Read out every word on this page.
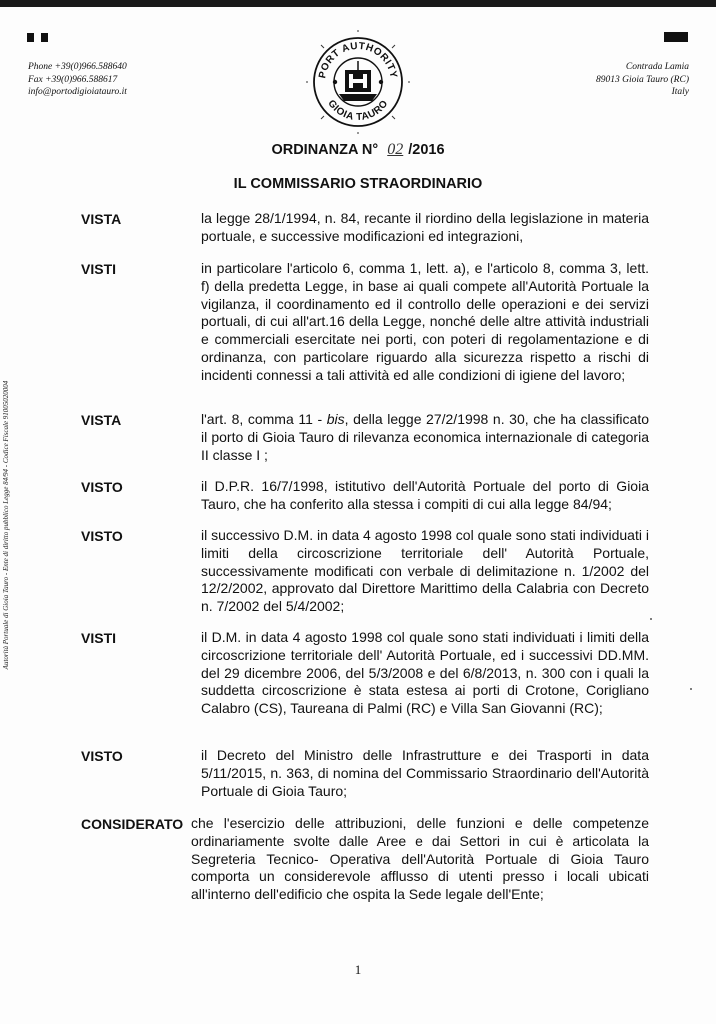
Phone +39(0)966.588640
Fax +39(0)966.588617
info@portodigioiatauro.it
Contrada Lamia
89013 Gioia Tauro (RC)
Italy
PORT AUTHORITY
GIOIA TAURO
Autorità Portuale di Gioia Tauro - Ente di diritto pubblico Legge 84/94 - Codice Fiscale 91005020004
ORDINANZA N° 02 /2016
IL COMMISSARIO STRAORDINARIO
VISTA	la legge 28/1/1994, n. 84, recante il riordino della legislazione in materia portuale, e successive modificazioni ed integrazioni,
VISTI	in particolare l'articolo 6, comma 1, lett. a), e l'articolo 8, comma 3, lett. f) della predetta Legge, in base ai quali compete all'Autorità Portuale la vigilanza, il coordinamento ed il controllo delle operazioni e dei servizi portuali, di cui all'art.16 della Legge, nonché delle altre attività industriali e commerciali esercitate nei porti, con poteri di regolamentazione e di ordinanza, con particolare riguardo alla sicurezza rispetto a rischi di incidenti connessi a tali attività ed alle condizioni di igiene del lavoro;
VISTA	l'art. 8, comma 11 - bis, della legge 27/2/1998 n. 30, che ha classificato il porto di Gioia Tauro di rilevanza economica internazionale di categoria II classe I ;
VISTO	il D.P.R. 16/7/1998, istitutivo dell'Autorità Portuale del porto di Gioia Tauro, che ha conferito alla stessa i compiti di cui alla legge 84/94;
VISTO	il successivo D.M. in data 4 agosto 1998 col quale sono stati individuati i limiti della circoscrizione territoriale dell' Autorità Portuale, successivamente modificati con verbale di delimitazione n. 1/2002 del 12/2/2002, approvato dal Direttore Marittimo della Calabria con Decreto n. 7/2002 del 5/4/2002;
VISTI	il D.M. in data 4 agosto 1998 col quale sono stati individuati i limiti della circoscrizione territoriale dell' Autorità Portuale, ed i successivi DD.MM. del 29 dicembre 2006, del 5/3/2008 e del 6/8/2013, n. 300 con i quali la suddetta circoscrizione è stata estesa ai porti di Crotone, Corigliano Calabro (CS), Taureana di Palmi (RC) e Villa San Giovanni (RC);
VISTO	il Decreto del Ministro delle Infrastrutture e dei Trasporti in data 5/11/2015, n. 363, di nomina del Commissario Straordinario dell'Autorità Portuale di Gioia Tauro;
CONSIDERATO che l'esercizio delle attribuzioni, delle funzioni e delle competenze ordinariamente svolte dalle Aree e dai Settori in cui è articolata la Segreteria Tecnico- Operativa dell'Autorità Portuale di Gioia Tauro comporta un considerevole afflusso di utenti presso i locali ubicati all'interno dell'edificio che ospita la Sede legale dell'Ente;
1
